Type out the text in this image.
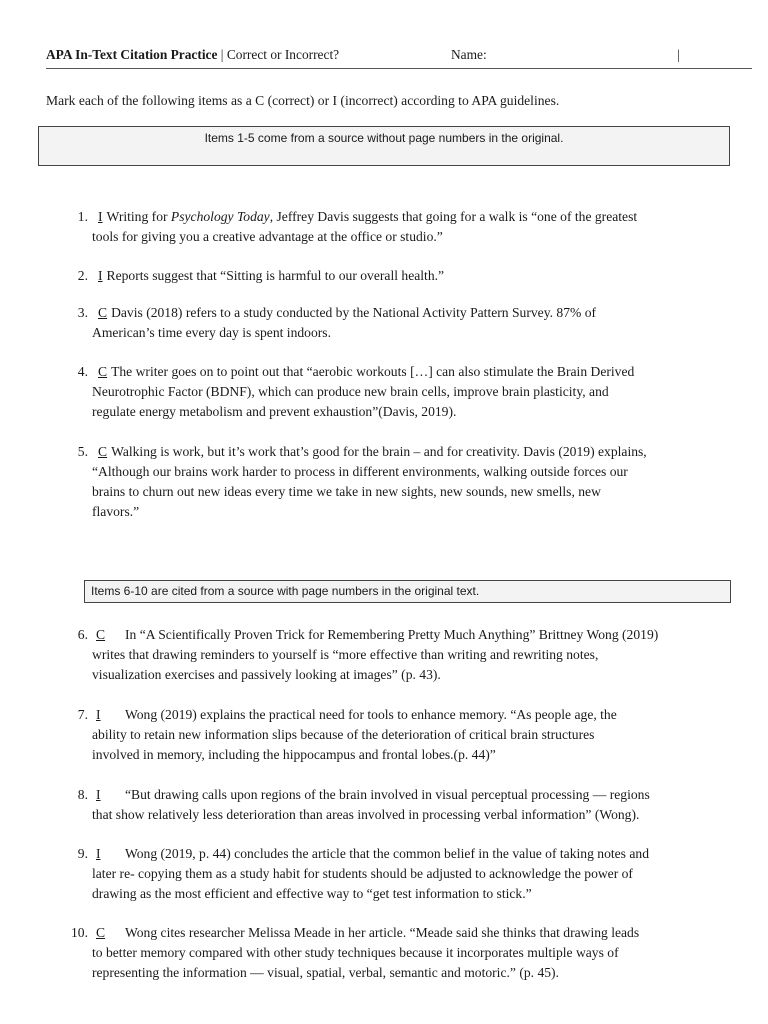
APA In-Text Citation Practice | Correct or Incorrect?	Name:	|
Mark each of the following items as a C (correct) or I (incorrect) according to APA guidelines.
Items 1-5 come from a source without page numbers in the original.
1. I Writing for Psychology Today, Jeffrey Davis suggests that going for a walk is “one of the greatest
tools for giving you a creative advantage at the office or studio.”
2. I Reports suggest that “Sitting is harmful to our overall health.”
3. C Davis (2018) refers to a study conducted by the National Activity Pattern Survey. 87% of
American’s time every day is spent indoors.
4. C The writer goes on to point out that “aerobic workouts […] can also stimulate the Brain Derived
Neurotrophic Factor (BDNF), which can produce new brain cells, improve brain plasticity, and
regulate energy metabolism and prevent exhaustion”(Davis, 2019).
5. C Walking is work, but it’s work that’s good for the brain – and for creativity. Davis (2019) explains,
“Although our brains work harder to process in different environments, walking outside forces our
brains to churn out new ideas every time we take in new sights, new sounds, new smells, new
flavors.”
Items 6-10 are cited from a source with page numbers in the original text.
6. C In “A Scientifically Proven Trick for Remembering Pretty Much Anything” Brittney Wong (2019)
writes that drawing reminders to yourself is “more effective than writing and rewriting notes,
visualization exercises and passively looking at images” (p. 43).
7. I Wong (2019) explains the practical need for tools to enhance memory. “As people age, the
ability to retain new information slips because of the deterioration of critical brain structures
involved in memory, including the hippocampus and frontal lobes.(p. 44)”
8. I “But drawing calls upon regions of the brain involved in visual perceptual processing — regions
that show relatively less deterioration than areas involved in processing verbal information” (Wong).
9. I Wong (2019, p. 44) concludes the article that the common belief in the value of taking notes and
later re- copying them as a study habit for students should be adjusted to acknowledge the power of
drawing as the most efficient and effective way to “get test information to stick.”
10. C Wong cites researcher Melissa Meade in her article. “Meade said she thinks that drawing leads
to better memory compared with other study techniques because it incorporates multiple ways of
representing the information — visual, spatial, verbal, semantic and motoric.” (p. 45).
